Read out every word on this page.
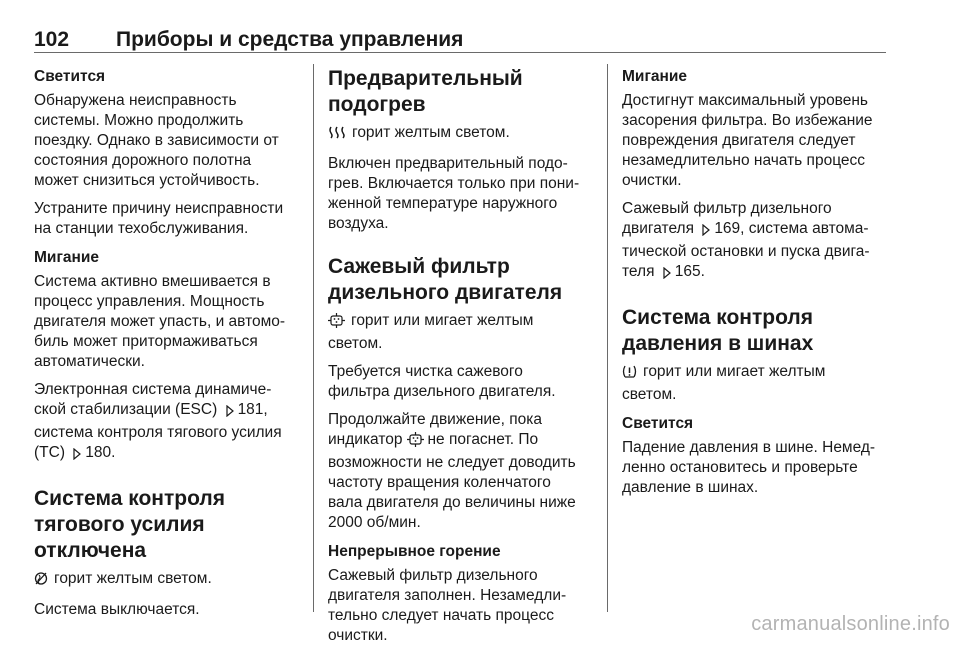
102 Приборы и средства управления
Светится
Обнаружена неисправность
системы. Можно продолжить
поездку. Однако в зависимости от
состояния дорожного полотна
может снизиться устойчивость.
Устраните причину неисправности
на станции техобслуживания.
Мигание
Система активно вмешивается в
процесс управления. Мощность
двигателя может упасть, и автомо-
биль может притормаживаться
автоматически.
Электронная система динамиче-
ской стабилизации (ESC) 181,
система контроля тягового усилия
(TC) 180.
Система контроля
тягового усилия
отключена
горит желтым светом.
Система выключается.
Предварительный
подогрев
горит желтым светом.
Включен предварительный подо-
грев. Включается только при пони-
женной температуре наружного
воздуха.
Сажевый фильтр
дизельного двигателя
горит или мигает желтым
светом.
Требуется чистка сажевого
фильтра дизельного двигателя.
Продолжайте движение, пока
индикатор не погаснет. По
возможности не следует доводить
частоту вращения коленчатого
вала двигателя до величины ниже
2000 об/мин.
Непрерывное горение
Сажевый фильтр дизельного
двигателя заполнен. Незамедли-
тельно следует начать процесс
очистки.
Мигание
Достигнут максимальный уровень
засорения фильтра. Во избежание
повреждения двигателя следует
незамедлительно начать процесс
очистки.
Сажевый фильтр дизельного
двигателя 169, система автома-
тической остановки и пуска двига-
теля 165.
Система контроля
давления в шинах
горит или мигает желтым
светом.
Светится
Падение давления в шине. Немед-
ленно остановитесь и проверьте
давление в шинах.
carmanualsonline.info
